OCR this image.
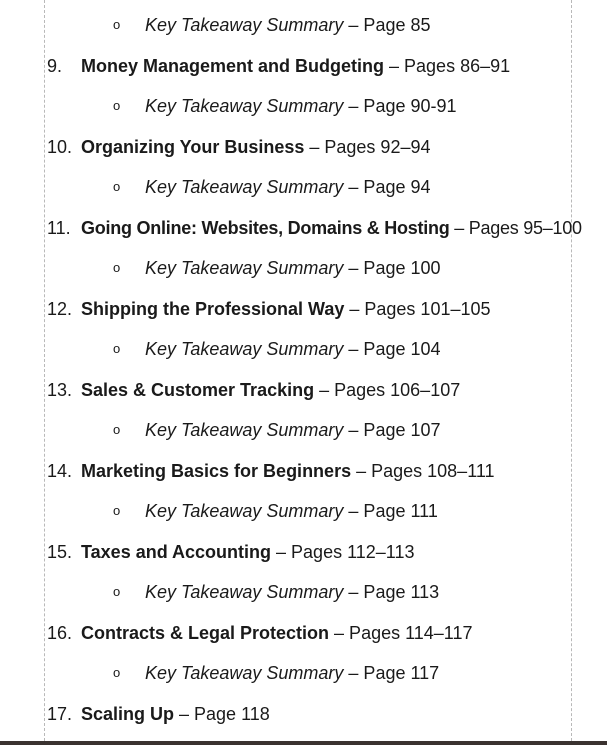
o Key Takeaway Summary – Page 85
9. Money Management and Budgeting – Pages 86–91
o Key Takeaway Summary – Page 90-91
10. Organizing Your Business – Pages 92–94
o Key Takeaway Summary – Page 94
11. Going Online: Websites, Domains & Hosting – Pages 95–100
o Key Takeaway Summary – Page 100
12. Shipping the Professional Way – Pages 101–105
o Key Takeaway Summary – Page 104
13. Sales & Customer Tracking – Pages 106–107
o Key Takeaway Summary – Page 107
14. Marketing Basics for Beginners – Pages 108–111
o Key Takeaway Summary – Page 111
15. Taxes and Accounting – Pages 112–113
o Key Takeaway Summary – Page 113
16. Contracts & Legal Protection – Pages 114–117
o Key Takeaway Summary – Page 117
17. Scaling Up – Page 118
